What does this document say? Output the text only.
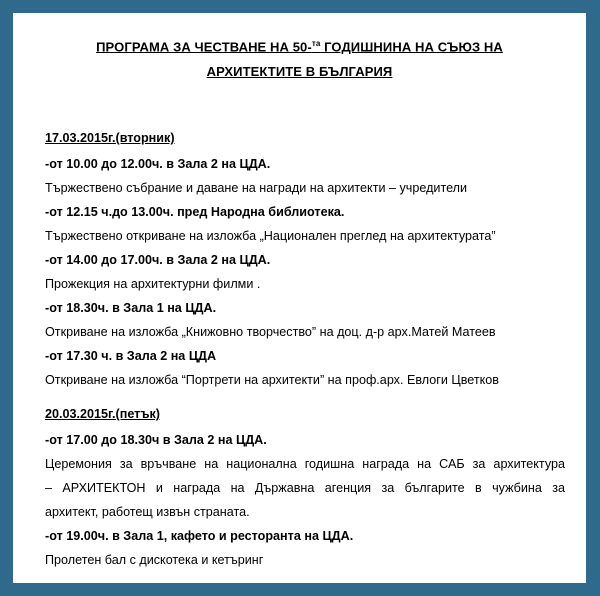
ПРОГРАМА ЗА ЧЕСТВАНЕ НА 50-$^{та}$ ГОДИШНИНА НА СЪЮЗ НА
АРХИТЕКТИТЕ В БЪЛГАРИЯ
17.03.2015г.(вторник)
-от 10.00 до 12.00ч. в Зала 2 на ЦДА.
Тържествено събрание и даване на награди на архитекти – учредители
-от 12.15 ч.до 13.00ч. пред Народна библиотека.
Тържествено откриване на изложба „Национален преглед на архитектурата”
-от 14.00 до 17.00ч. в Зала 2 на ЦДА.
Прожекция на архитектурни филми .
-от 18.30ч. в Зала 1 на ЦДА.
Откриване на изложба „Книжовно творчество” на доц. д-р арх.Матей Матеев
-от 17.30 ч. в Зала 2 на ЦДА
Откриване на изложба “Портрети на архитекти” на проф.арх. Евлоги Цветков
20.03.2015г.(петък)
-от 17.00 до 18.30ч в Зала 2 на ЦДА.
Церемония за връчване на национална годишна награда на САБ за архитектура
– АРХИТЕКТОН и награда на Държавна агенция за българите в чужбина за
архитект, работещ извън страната.
-от 19.00ч. в Зала 1, кафето и ресторанта на ЦДА.
Пролетен бал с дискотека и кетъринг
